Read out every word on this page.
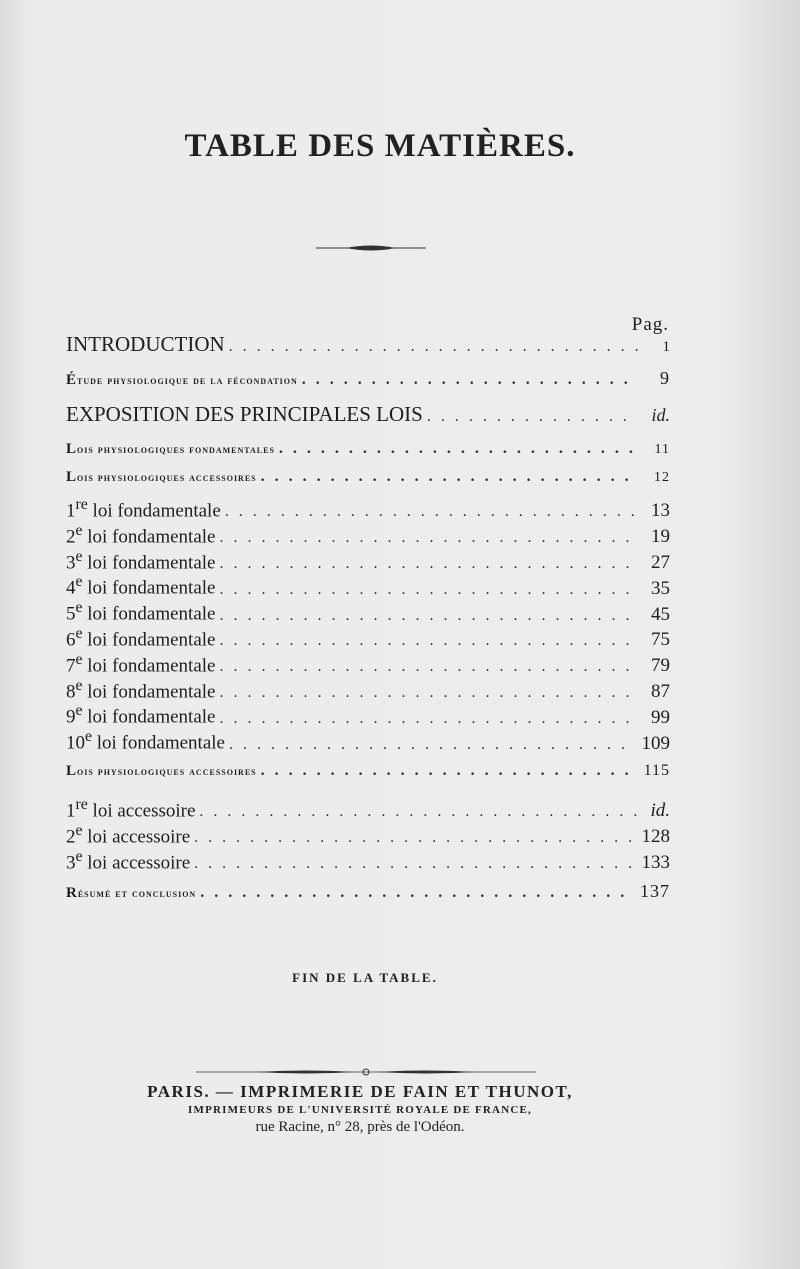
TABLE DES MATIÈRES.
Pag.
INTRODUCTION . . .	1
Étude physiologique de la fécondation . . .	9
EXPOSITION DES PRINCIPALES LOIS . . .	id.
Lois physiologiques fondamentales . . .	11
Lois physiologiques accessoires . . .	12
1re loi fondamentale . . .	13
2e loi fondamentale . . .	19
3e loi fondamentale . . .	27
4e loi fondamentale . . .	35
5e loi fondamentale . . .	45
6e loi fondamentale . . .	75
7e loi fondamentale . . .	79
8e loi fondamentale . . .	87
9e loi fondamentale . . .	99
10e loi fondamentale . . .	109
Lois physiologiques accessoires . . .	115
1re loi accessoire . . .	id.
2e loi accessoire . . .	128
3e loi accessoire . . .	133
Résumé et conclusion . . .	137
FIN DE LA TABLE.
PARIS. — IMPRIMERIE DE FAIN ET THUNOT,
IMPRIMEURS DE L'UNIVERSITÉ ROYALE DE FRANCE,
rue Racine, n° 28, près de l'Odéon.
